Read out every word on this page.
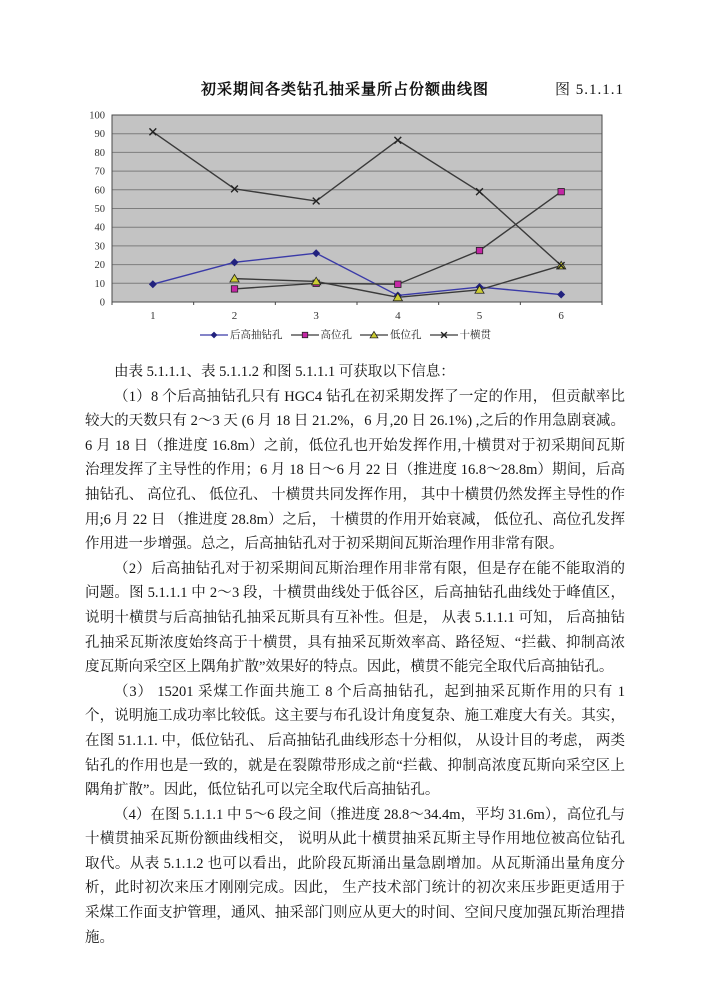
初采期间各类钻孔抽采量所占份额曲线图	图 5.1.1.1
0
10
20
30
40
50
60
70
80
90
100
1	2	3	4	5	6
后高抽钻孔	高位孔	低位孔	十横贯

由表 5.1.1.1、表 5.1.1.2 和图 5.1.1.1 可获取以下信息：

（1）8 个后高抽钻孔只有 HGC4 钻孔在初采期发挥了一定的作用， 但贡献率比较大的天数只有 2～3 天 (6 月 18 日 21.2%，6 月,20 日 26.1%) ,之后的作用急剧衰减。6 月 18 日（推进度 16.8m）之前，低位孔也开始发挥作用,十横贯对于初采期间瓦斯治理发挥了主导性的作用；6 月 18 日～6 月 22 日（推进度 16.8～28.8m）期间，后高抽钻孔、 高位孔、 低位孔、 十横贯共同发挥作用， 其中十横贯仍然发挥主导性的作用;6 月 22 日 （推进度 28.8m）之后， 十横贯的作用开始衰减， 低位孔、高位孔发挥作用进一步增强。总之，后高抽钻孔对于初采期间瓦斯治理作用非常有限。

（2）后高抽钻孔对于初采期间瓦斯治理作用非常有限，但是存在能不能取消的问题。图 5.1.1.1 中 2～3 段，十横贯曲线处于低谷区，后高抽钻孔曲线处于峰值区，说明十横贯与后高抽钻孔抽采瓦斯具有互补性。但是， 从表 5.1.1.1 可知， 后高抽钻孔抽采瓦斯浓度始终高于十横贯，具有抽采瓦斯效率高、路径短、“拦截、抑制高浓度瓦斯向采空区上隅角扩散”效果好的特点。因此，横贯不能完全取代后高抽钻孔。

（3） 15201 采煤工作面共施工 8 个后高抽钻孔，起到抽采瓦斯作用的只有 1 个，说明施工成功率比较低。这主要与布孔设计角度复杂、施工难度大有关。其实，在图 51.1.1. 中，低位钻孔、 后高抽钻孔曲线形态十分相似， 从设计目的考虑， 两类钻孔的作用也是一致的，就是在裂隙带形成之前“拦截、抑制高浓度瓦斯向采空区上隅角扩散”。因此，低位钻孔可以完全取代后高抽钻孔。

（4）在图 5.1.1.1 中 5～6 段之间（推进度 28.8～34.4m，平均 31.6m），高位孔与十横贯抽采瓦斯份额曲线相交， 说明从此十横贯抽采瓦斯主导作用地位被高位钻孔取代。从表 5.1.1.2 也可以看出，此阶段瓦斯涌出量急剧增加。从瓦斯涌出量角度分析，此时初次来压才刚刚完成。因此， 生产技术部门统计的初次来压步距更适用于采煤工作面支护管理，通风、抽采部门则应从更大的时间、空间尺度加强瓦斯治理措施。
